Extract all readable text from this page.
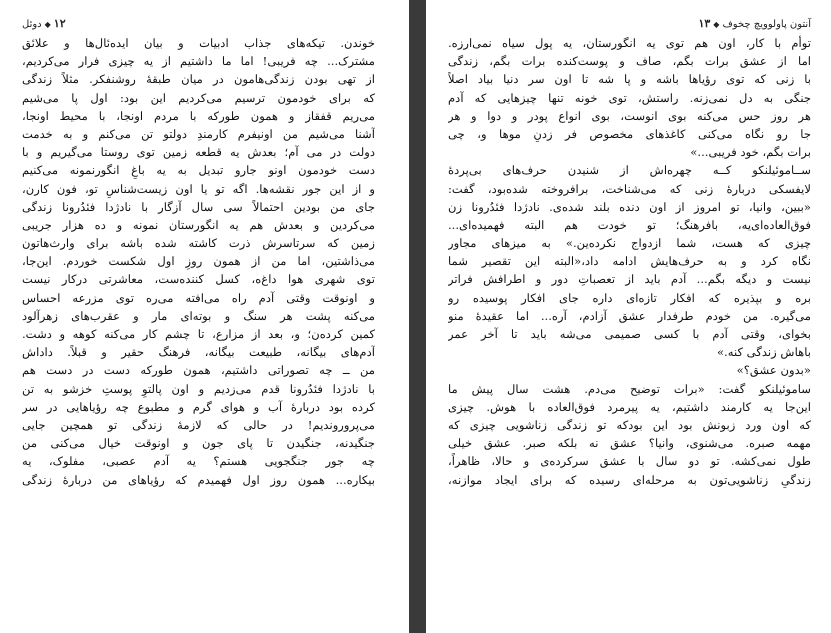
۱۲◆دوئل
خوندن. تیکه‌های جذاب ادبیات و بیان ایده‌ئال‌ها و علائق
مشترک... چه فریبی! اما ما داشتیم از یه چیزی فرار می‌کردیم،
از تهی بودن زندگی‌هامون در میان طبقهٔ روشنفکر. مثلاً زندگی
که برای خودمون ترسیم می‌کردیم این بود: اول پا می‌شیم
می‌ریم قفقاز و همون طورکه با مردم اونجا، با محیط اونجا،
آشنا می‌شیم من اونیفرم کارمندِ دولتو تن می‌کنم و به خدمت
دولت در می آم؛ بعدش یه قطعه زمین توی روستا می‌گیریم و با
دست خودمون اونو جارو تبدیل به یه باغِ انگورنمونه می‌کنیم
و از این جور نقشه‌ها. اگه تو یا اون زیست‌شناسِ تو، فون کارن،
جای من بودین احتمالاً سی سال آزگار با نادژدا فئدُرونا زندگی
می‌کردین و بعدش هم یه انگورستان نمونه و ده هزار جریبی
زمین که سرتاسرش ذرت کاشته شده باشه برای وارث‌هاتون
می‌ذاشتین، اما من از همون روزِ اول شکست خوردم. این‌جا،
توی شهری هوا داغ‌ه، کسل کننده‌ست، معاشرتی درکار نیست
و اونوقت وقتی آدم راه می‌افته می‌ره توی مزرعه احساس
می‌کنه پشت هر سنگ و بوته‌ای مار و عقرب‌های زهرآلود
کمین کرده‌ن؛ و، بعد از مزارع، تا چشم کار می‌کنه کوهه و دشت.
آدم‌های بیگانه، طبیعت بیگانه، فرهنگ حقیر و قبلاً. داداش
من ــ چه تصوراتی داشتیم، همون طورکه دست در دست هم
با نادژدا فئدُرونا قدم می‌زدیم و اون پالتوِ پوستِ خزشو به تن
کرده بود دربارهٔ آب و هوای گرم و مطبوع چه رؤیاهایی در سر
می‌پروروندیم! در حالی که لازمهٔ زندگی تو همچین جایی
جنگیدنه، جنگیدن تا پای جون و اونوقت خیال می‌کنی من
چه جور جنگجویی هستم؟ یه آدم عصبی، مفلوک، یه
بیکاره... همون روز اول فهمیدم که رؤیاهای من دربارهٔ زندگی
آنتون پاولوویچ چخوف◆۱۳
توأم با کار، اون هم توی یه انگورستان، یه پول سیاه نمی‌ارزه.
اما از عشق برات بگم، صاف و پوست‌کنده برات بگم، زندگی
با زنی که توی رؤیاها باشه و پا شه تا اون سر دنیا بیاد اصلاً
جنگی به دل نمی‌زنه. راستش، توی خونه تنها چیزهایی که آدم
هر روز حس می‌کنه بوی انوست، بوی انواع پودر و دوا و هر
جا رو نگاه می‌کنی کاغذهای مخصوص فر زدنِ موها و، چی
برات بگم، خود فریبی...»
ســاموئیلنکو کــه چهره‌اش از شنیدن حرف‌های بی‌پردهٔ
لایفسکی دربارهٔ زنی که می‌شناخت، برافروخته شده‌بود، گفت:
«ببین، وانیا، تو امروز از اون دنده بلند شده‌ی. نادژدا فئدُرونا زن
فوق‌العاده‌ای‌یه، بافرهنگ؛ تو خودت هم البته فهمیده‌ای...
چیزی که هست، شما ازدواج نکرده‌ین.» به میزهای مجاور
نگاه کرد و به حرف‌هایش ادامه داد،«البته این تقصیر شما
نیست و دیگه بگم... آدم باید از تعصباتِ دور و اطرافش فراتر
بره و بپذیره که افکار تازه‌ای داره جای افکار پوسیده رو
می‌گیره. من خودم طرفدار عشق آزادم، آره... اما عقیدهٔ منو
بخوای، وقتی آدم با کسی صمیمی می‌شه باید تا آخر عمر
باهاش زندگی کنه.»
«بدون عشق؟»
ساموئیلنکو گفت: «برات توضیح می‌دم. هشت سال پیش ما
این‌جا یه کارمند داشتیم، یه پیرمرد فوق‌العاده با هوش. چیزی
که اون ورد زبونش بود این بودکه تو زندگی زناشویی چیزی که
مهمه صبره. می‌شنوی، وانیا؟ عشق نه بلکه صبر. عشق خیلی
طول نمی‌کشه. تو دو سال با عشق سرکرده‌ی و حالا، ظاهراً،
زندگیِ زناشویی‌تون به مرحله‌ای رسیده که برای ایجاد موازنه،
